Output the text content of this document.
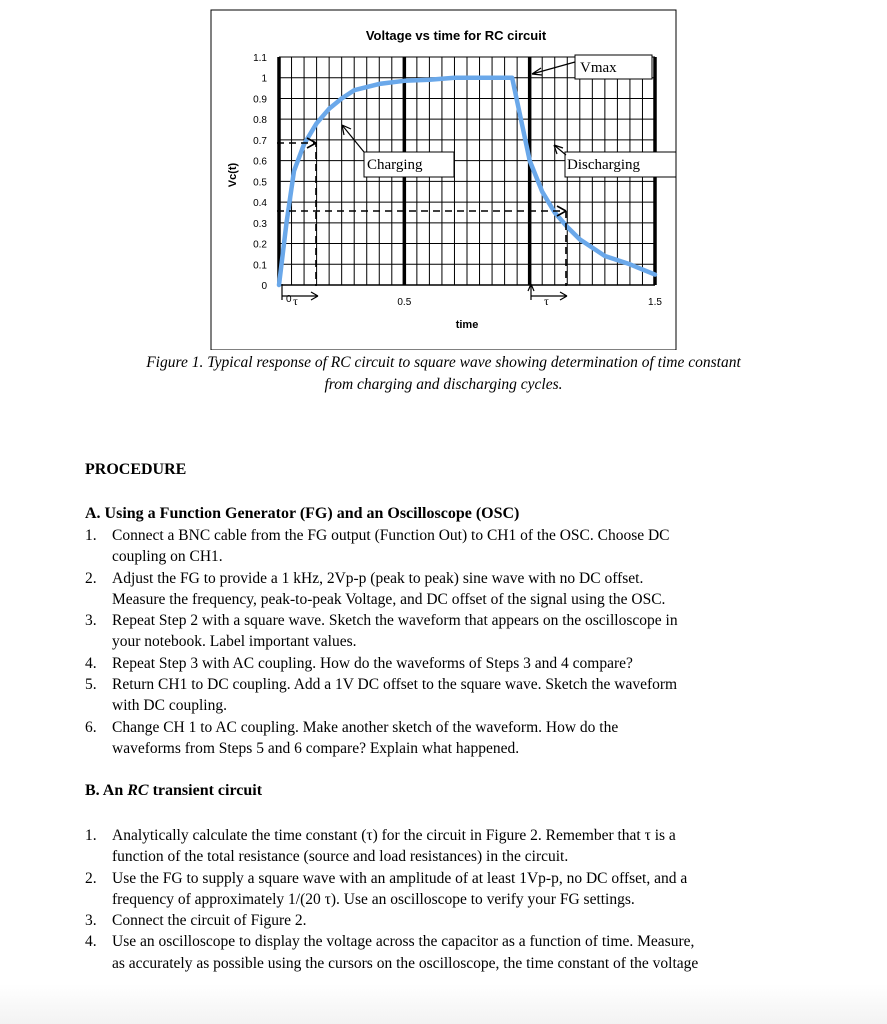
Voltage vs time for RC circuit
Vc(t)
time
1.1
1
0.9
0.8
0.7
0.6
0.5
0.4
0.3
0.2
0.1
0
0.5	1.5
Vmax
Charging	Discharging
0 τ	τ
Figure 1. Typical response of RC circuit to square wave showing determination of time constant
from charging and discharging cycles.
PROCEDURE
A. Using a Function Generator (FG) and an Oscilloscope (OSC)
1. Connect a BNC cable from the FG output (Function Out) to CH1 of the OSC. Choose DC
coupling on CH1.
2. Adjust the FG to provide a 1 kHz, 2Vp-p (peak to peak) sine wave with no DC offset.
Measure the frequency, peak-to-peak Voltage, and DC offset of the signal using the OSC.
3. Repeat Step 2 with a square wave. Sketch the waveform that appears on the oscilloscope in
your notebook. Label important values.
4. Repeat Step 3 with AC coupling. How do the waveforms of Steps 3 and 4 compare?
5. Return CH1 to DC coupling. Add a 1V DC offset to the square wave. Sketch the waveform
with DC coupling.
6. Change CH 1 to AC coupling. Make another sketch of the waveform. How do the
waveforms from Steps 5 and 6 compare? Explain what happened.
B. An RC transient circuit
1. Analytically calculate the time constant (τ) for the circuit in Figure 2. Remember that τ is a
function of the total resistance (source and load resistances) in the circuit.
2. Use the FG to supply a square wave with an amplitude of at least 1Vp-p, no DC offset, and a
frequency of approximately 1/(20 τ). Use an oscilloscope to verify your FG settings.
3. Connect the circuit of Figure 2.
4. Use an oscilloscope to display the voltage across the capacitor as a function of time. Measure,
as accurately as possible using the cursors on the oscilloscope, the time constant of the voltage
